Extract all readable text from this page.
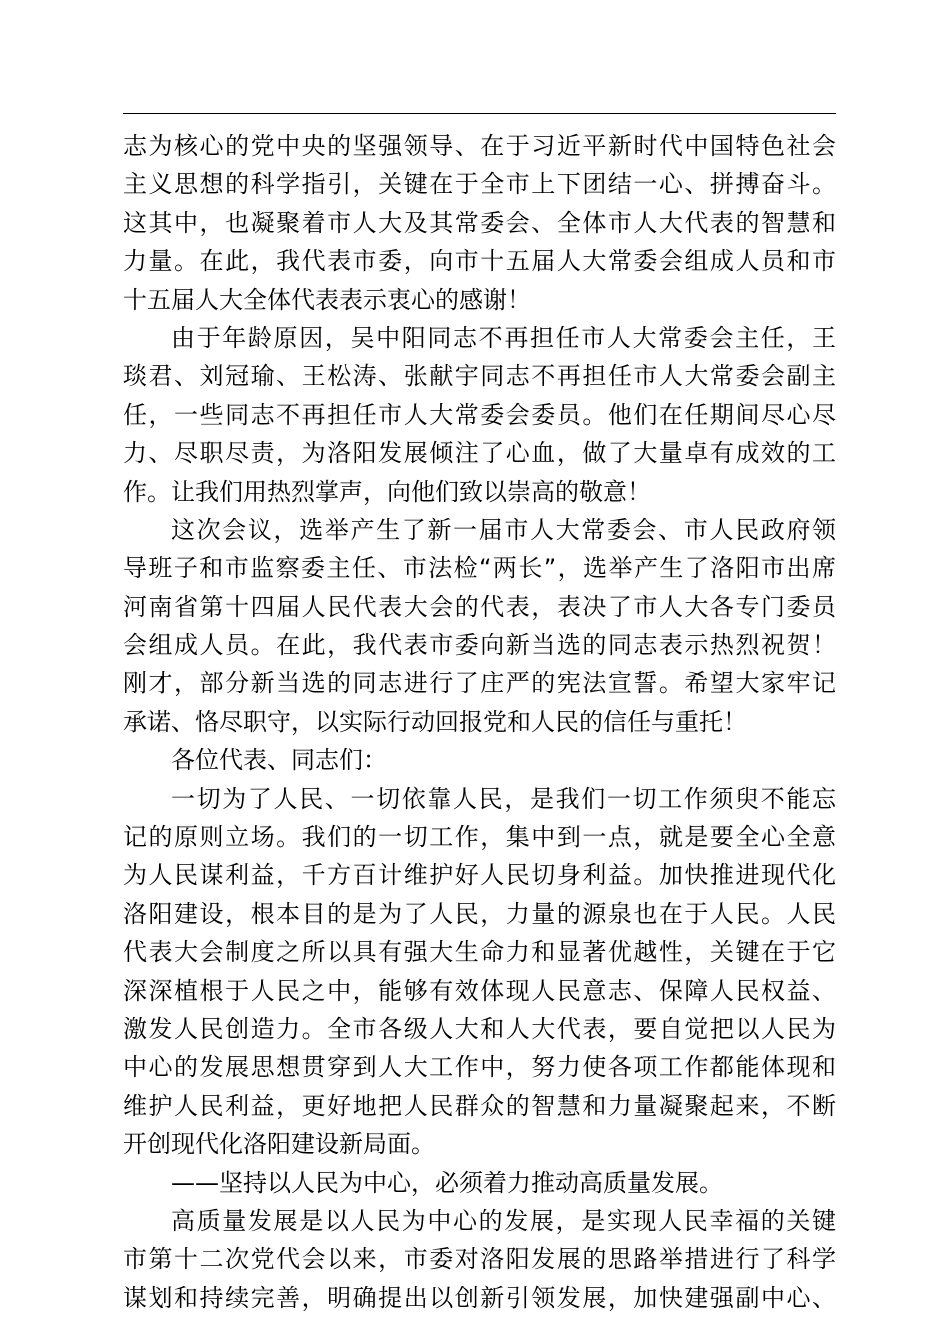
志为核心的党中央的坚强领导、在于习近平新时代中国特色社会
主义思想的科学指引，关键在于全市上下团结一心、拼搏奋斗。
这其中，也凝聚着市人大及其常委会、全体市人大代表的智慧和
力量。在此，我代表市委，向市十五届人大常委会组成人员和市
十五届人大全体代表表示衷心的感谢！
由于年龄原因，吴中阳同志不再担任市人大常委会主任，王
琰君、刘冠瑜、王松涛、张献宇同志不再担任市人大常委会副主
任，一些同志不再担任市人大常委会委员。他们在任期间尽心尽
力、尽职尽责，为洛阳发展倾注了心血，做了大量卓有成效的工
作。让我们用热烈掌声，向他们致以崇高的敬意！
这次会议，选举产生了新一届市人大常委会、市人民政府领
导班子和市监察委主任、市法检“两长”，选举产生了洛阳市出席
河南省第十四届人民代表大会的代表，表决了市人大各专门委员
会组成人员。在此，我代表市委向新当选的同志表示热烈祝贺！
刚才，部分新当选的同志进行了庄严的宪法宣誓。希望大家牢记
承诺、恪尽职守，以实际行动回报党和人民的信任与重托！
各位代表、同志们：
一切为了人民、一切依靠人民，是我们一切工作须臾不能忘
记的原则立场。我们的一切工作，集中到一点，就是要全心全意
为人民谋利益，千方百计维护好人民切身利益。加快推进现代化
洛阳建设，根本目的是为了人民，力量的源泉也在于人民。人民
代表大会制度之所以具有强大生命力和显著优越性，关键在于它
深深植根于人民之中，能够有效体现人民意志、保障人民权益、
激发人民创造力。全市各级人大和人大代表，要自觉把以人民为
中心的发展思想贯穿到人大工作中，努力使各项工作都能体现和
维护人民利益，更好地把人民群众的智慧和力量凝聚起来，不断
开创现代化洛阳建设新局面。
——坚持以人民为中心，必须着力推动高质量发展。
高质量发展是以人民为中心的发展，是实现人民幸福的关键
市第十二次党代会以来，市委对洛阳发展的思路举措进行了科学
谋划和持续完善，明确提出以创新引领发展，加快建强副中心、
